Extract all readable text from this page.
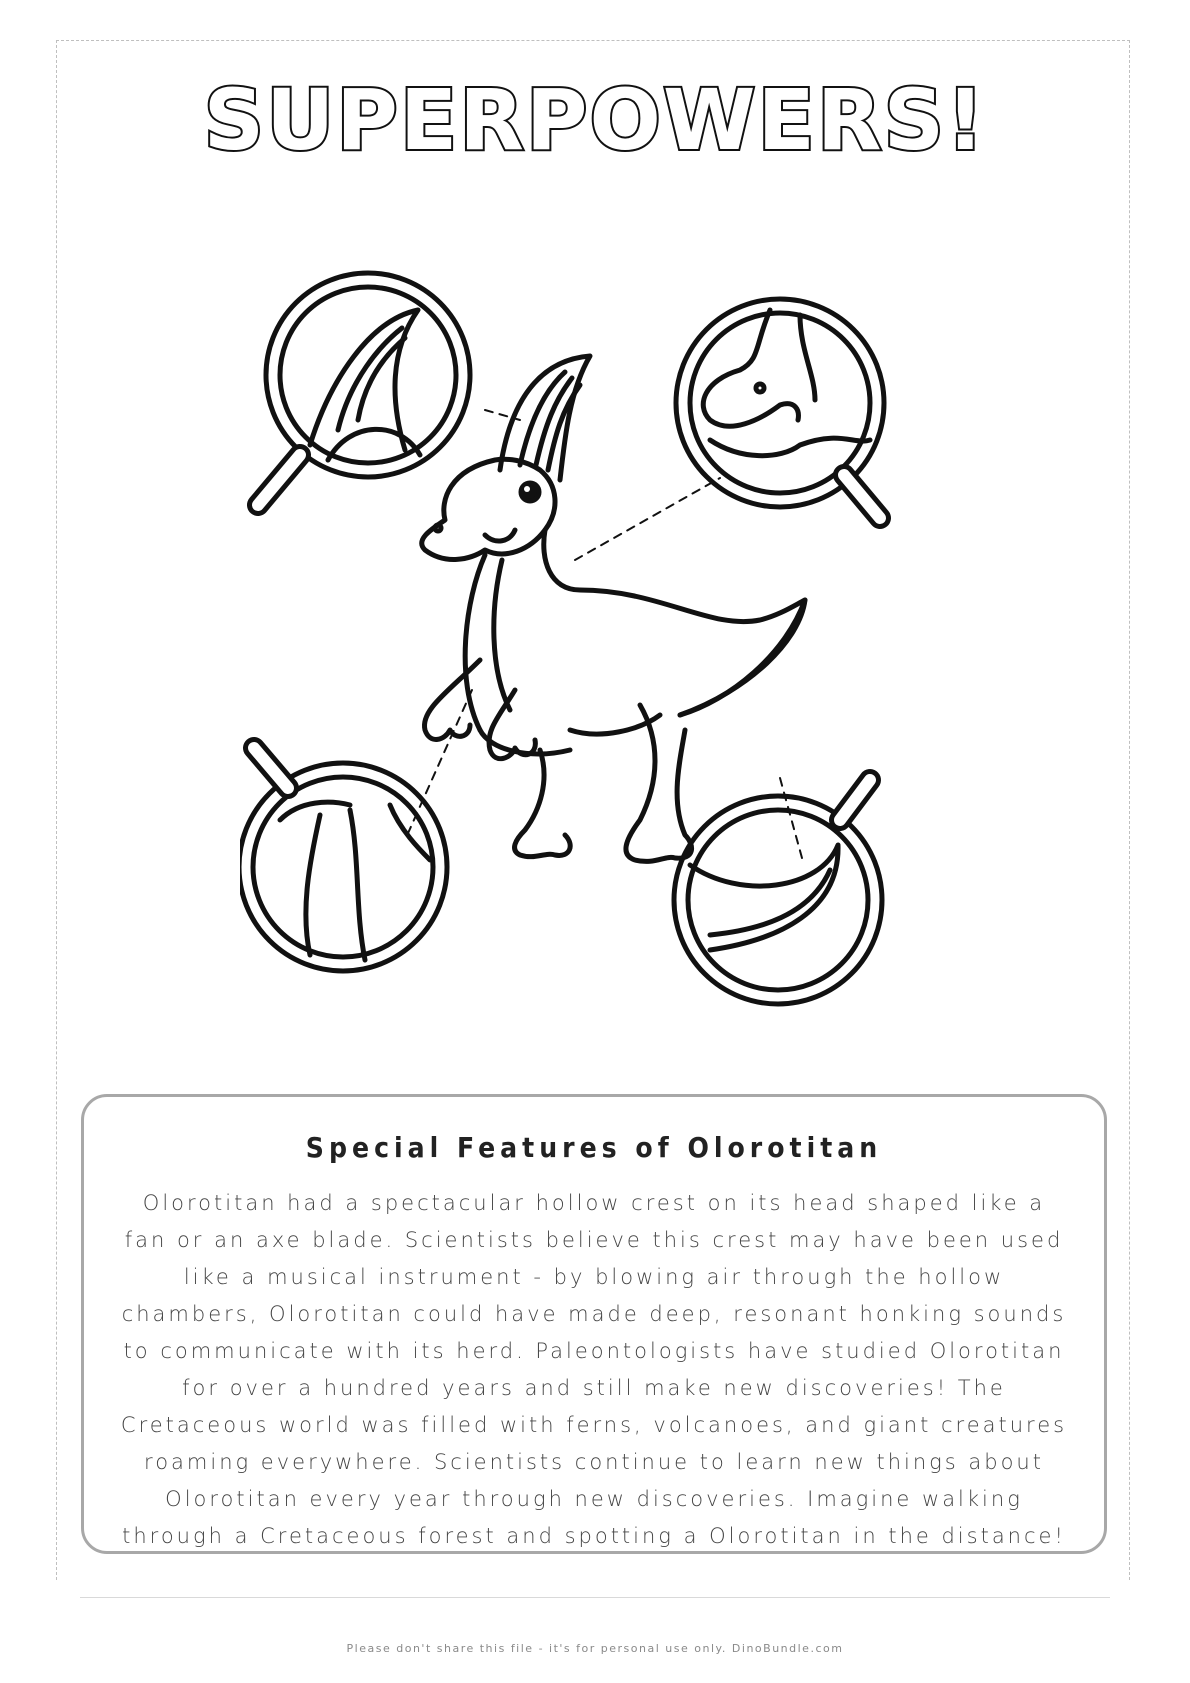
SUPERPOWERS!
Special Features of Olorotitan
Olorotitan had a spectacular hollow crest on its head shaped like a fan or an axe blade. Scientists believe this crest may have been used like a musical instrument - by blowing air through the hollow chambers, Olorotitan could have made deep, resonant honking sounds to communicate with its herd. Paleontologists have studied Olorotitan for over a hundred years and still make new discoveries! The Cretaceous world was filled with ferns, volcanoes, and giant creatures roaming everywhere. Scientists continue to learn new things about Olorotitan every year through new discoveries. Imagine walking through a Cretaceous forest and spotting a Olorotitan in the distance!
Please don't share this file - it's for personal use only. DinoBundle.com
